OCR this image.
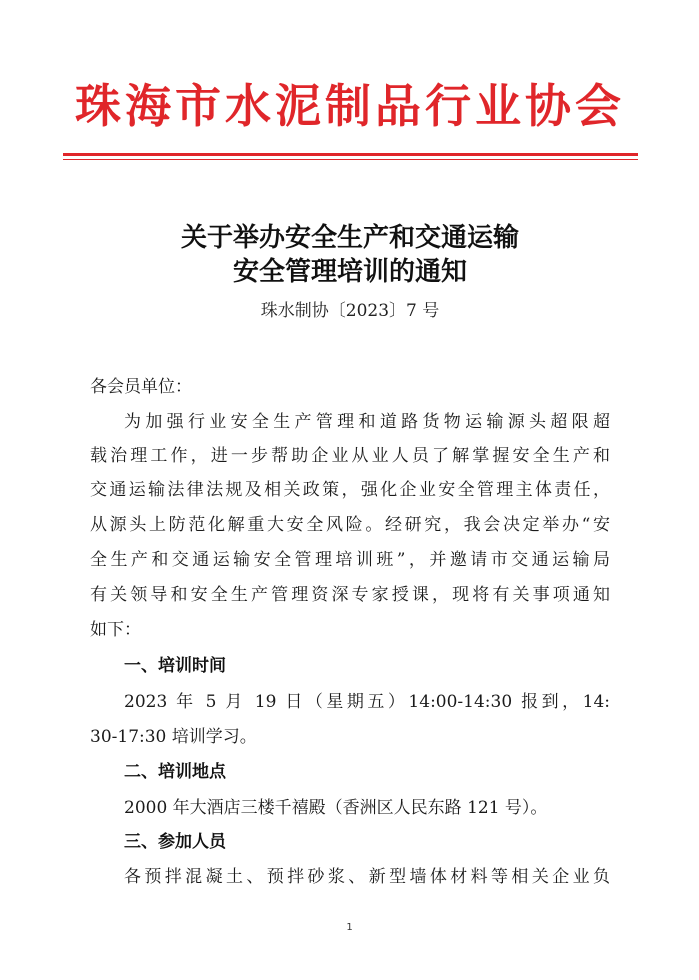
珠海市水泥制品行业协会
关于举办安全生产和交通运输
安全管理培训的通知
珠水制协〔2023〕7 号
各会员单位：
为加强行业安全生产管理和道路货物运输源头超限超
载治理工作，进一步帮助企业从业人员了解掌握安全生产和
交通运输法律法规及相关政策，强化企业安全管理主体责任，
从源头上防范化解重大安全风险。经研究，我会决定举办“安
全生产和交通运输安全管理培训班”，并邀请市交通运输局
有关领导和安全生产管理资深专家授课，现将有关事项通知
如下：
一、培训时间
2023 年 5 月 19 日（星期五）14:00-14:30 报到，14:
30-17:30 培训学习。
二、培训地点
2000 年大酒店三楼千禧殿（香洲区人民东路 121 号）。
三、参加人员
各预拌混凝土、预拌砂浆、新型墙体材料等相关企业负
1
